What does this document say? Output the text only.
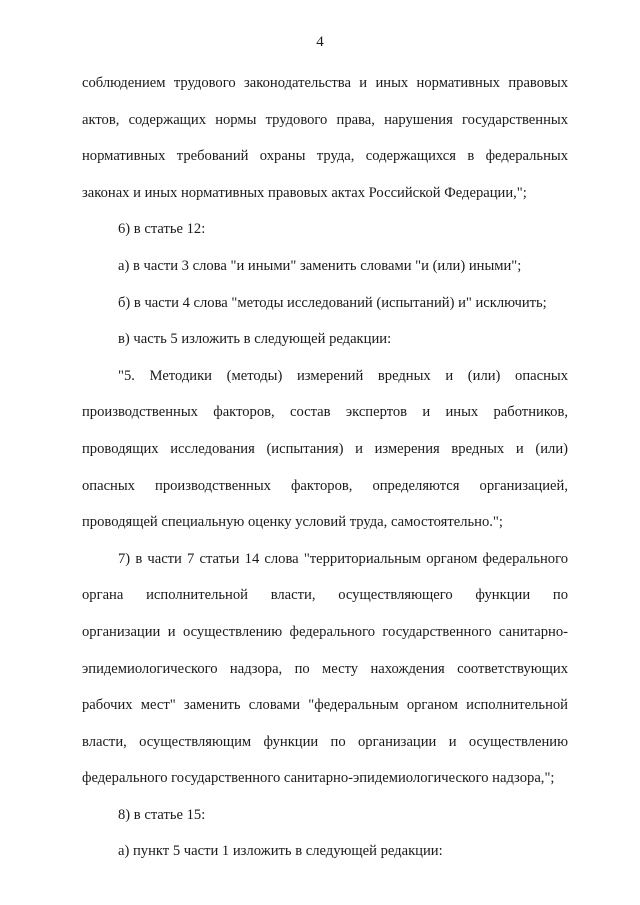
4
соблюдением трудового законодательства и иных нормативных правовых
актов, содержащих нормы трудового права, нарушения государственных
нормативных требований охраны труда, содержащихся в федеральных
законах и иных нормативных правовых актах Российской Федерации,";
6) в статье 12:
а) в части 3 слова "и иными" заменить словами "и (или) иными";
б) в части 4 слова "методы исследований (испытаний) и" исключить;
в) часть 5 изложить в следующей редакции:
"5. Методики (методы) измерений вредных и (или) опасных
производственных факторов, состав экспертов и иных работников,
проводящих исследования (испытания) и измерения вредных и (или)
опасных производственных факторов, определяются организацией,
проводящей специальную оценку условий труда, самостоятельно.";
7) в части 7 статьи 14 слова "территориальным органом федерального
органа исполнительной власти, осуществляющего функции по
организации и осуществлению федерального государственного санитарно-
эпидемиологического надзора, по месту нахождения соответствующих
рабочих мест" заменить словами "федеральным органом исполнительной
власти, осуществляющим функции по организации и осуществлению
федерального государственного санитарно-эпидемиологического надзора,";
8) в статье 15:
а) пункт 5 части 1 изложить в следующей редакции:
